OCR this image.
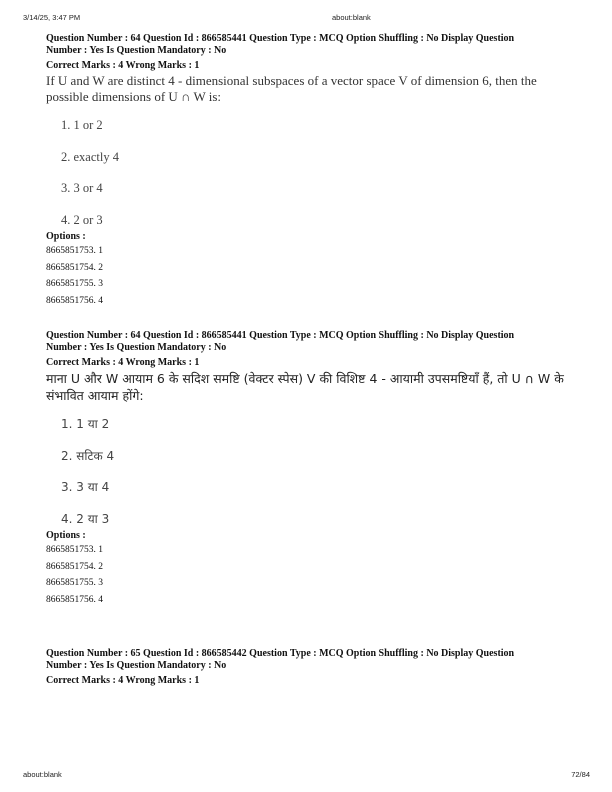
3/14/25, 3:47 PM	about:blank
Question Number : 64 Question Id : 866585441 Question Type : MCQ Option Shuffling : No Display Question
Number : Yes Is Question Mandatory : No
Correct Marks : 4 Wrong Marks : 1
If U and W are distinct 4 - dimensional subspaces of a vector space V of dimension 6, then the possible dimensions of U ∩ W is:
1. 1 or 2
2. exactly 4
3. 3 or 4
4. 2 or 3
Options :
8665851753. 1
8665851754. 2
8665851755. 3
8665851756. 4
Question Number : 64 Question Id : 866585441 Question Type : MCQ Option Shuffling : No Display Question
Number : Yes Is Question Mandatory : No
Correct Marks : 4 Wrong Marks : 1
माना U और W आयाम 6 के सदिश समष्टि (वेक्टर स्पेस) V की विशिष्ट 4 - आयामी उपसमष्टियाँ हैं, तो U ∩ W के संभावित आयाम होंगे:
1. 1 या 2
2. सटिक 4
3. 3 या 4
4. 2 या 3
Options :
8665851753. 1
8665851754. 2
8665851755. 3
8665851756. 4
Question Number : 65 Question Id : 866585442 Question Type : MCQ Option Shuffling : No Display Question
Number : Yes Is Question Mandatory : No
Correct Marks : 4 Wrong Marks : 1
about:blank	72/84
